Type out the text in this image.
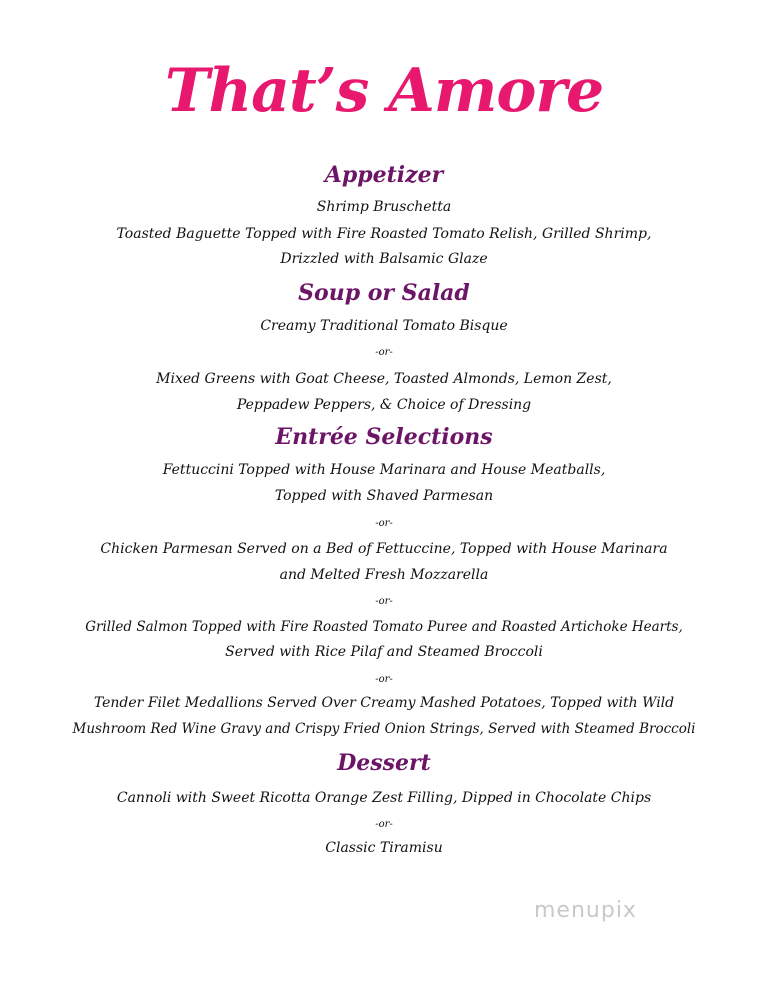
That’s Amore
Appetizer
Shrimp Bruschetta
Toasted Baguette Topped with Fire Roasted Tomato Relish, Grilled Shrimp,
Drizzled with Balsamic Glaze
Soup or Salad
Creamy Traditional Tomato Bisque
-or-
Mixed Greens with Goat Cheese, Toasted Almonds, Lemon Zest,
Peppadew Peppers, & Choice of Dressing
Entrée Selections
Fettuccini Topped with House Marinara and House Meatballs,
Topped with Shaved Parmesan
-or-
Chicken Parmesan Served on a Bed of Fettuccine, Topped with House Marinara
and Melted Fresh Mozzarella
-or-
Grilled Salmon Topped with Fire Roasted Tomato Puree and Roasted Artichoke Hearts,
Served with Rice Pilaf and Steamed Broccoli
-or-
Tender Filet Medallions Served Over Creamy Mashed Potatoes, Topped with Wild
Mushroom Red Wine Gravy and Crispy Fried Onion Strings, Served with Steamed Broccoli
Dessert
Cannoli with Sweet Ricotta Orange Zest Filling, Dipped in Chocolate Chips
-or-
Classic Tiramisu
menupix
